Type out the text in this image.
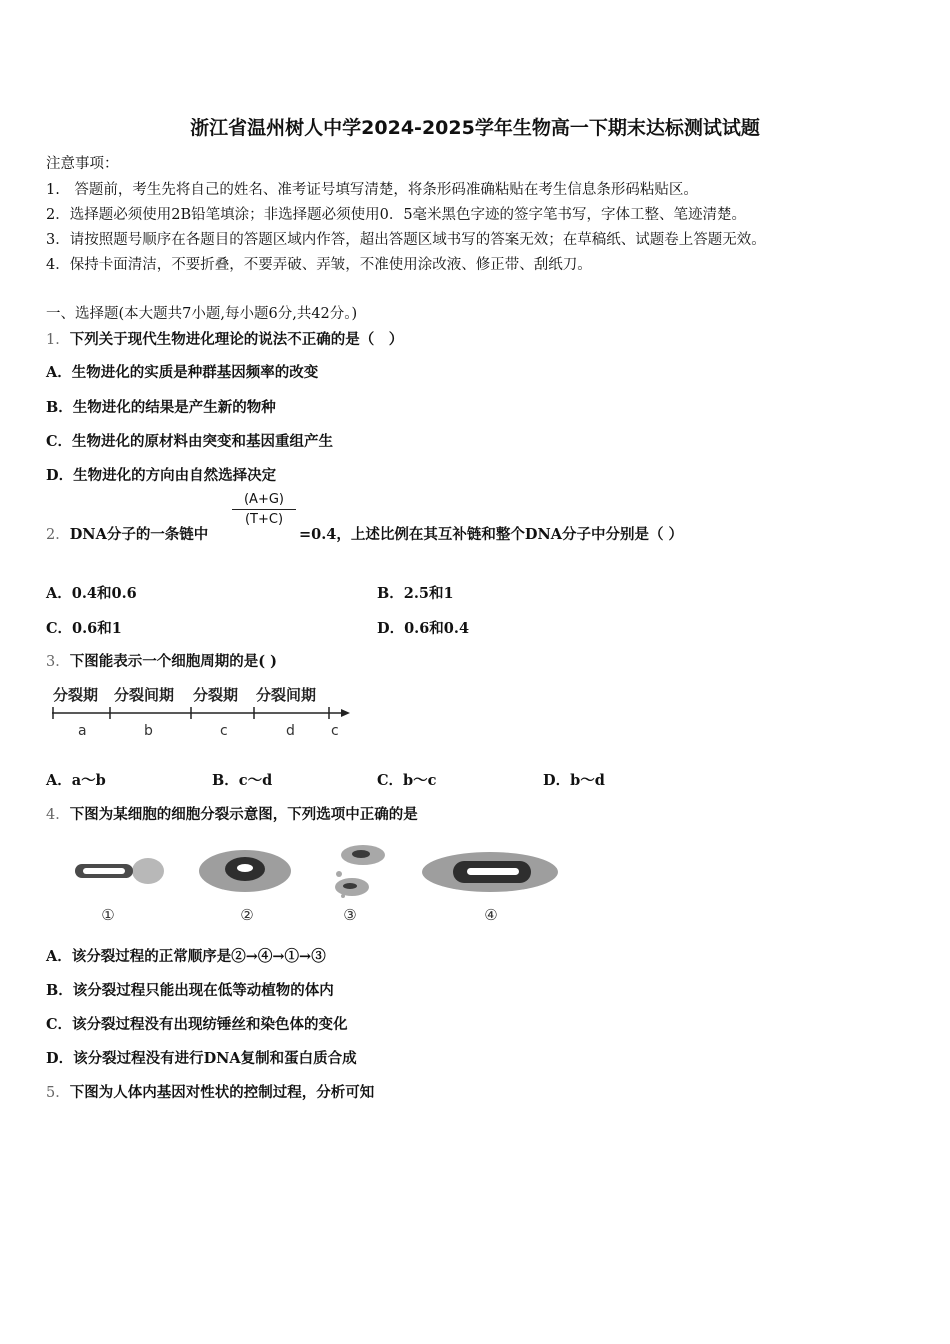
浙江省温州树人中学2024-2025学年生物高一下期末达标测试试题
注意事项：
1.　答题前，考生先将自己的姓名、准考证号填写清楚，将条形码准确粘贴在考生信息条形码粘贴区。
2．选择题必须使用2B铅笔填涂；非选择题必须使用0．5毫米黑色字迹的签字笔书写，字体工整、笔迹清楚。
3．请按照题号顺序在各题目的答题区域内作答，超出答题区域书写的答案无效；在草稿纸、试题卷上答题无效。
4．保持卡面清洁，不要折叠，不要弄破、弄皱，不准使用涂改液、修正带、刮纸刀。
一、选择题(本大题共7小题,每小题6分,共42分。)
1．下列关于现代生物进化理论的说法不正确的是（　）
A．生物进化的实质是种群基因频率的改变
B．生物进化的结果是产生新的物种
C．生物进化的原材料由突变和基因重组产生
D．生物进化的方向由自然选择决定
2．DNA分子的一条链中
$\frac{(A+G)}{(T+C)}$
=0.4，上述比例在其互补链和整个DNA分子中分别是（ ）
A．0.4和0.6	B．2.5和1
C．0.6和1	D．0.6和0.4
3．下图能表示一个细胞周期的是( )
分裂期 分裂间期 分裂期 分裂间期
a	b	c	d	c
A．a～b	B．c～d	C．b～c	D．b～d
4．下图为某细胞的细胞分裂示意图，下列选项中正确的是
①	②	③	④
A．该分裂过程的正常顺序是②→④→①→③
B．该分裂过程只能出现在低等动植物的体内
C．该分裂过程没有出现纺锤丝和染色体的变化
D．该分裂过程没有进行DNA复制和蛋白质合成
5．下图为人体内基因对性状的控制过程，分析可知
